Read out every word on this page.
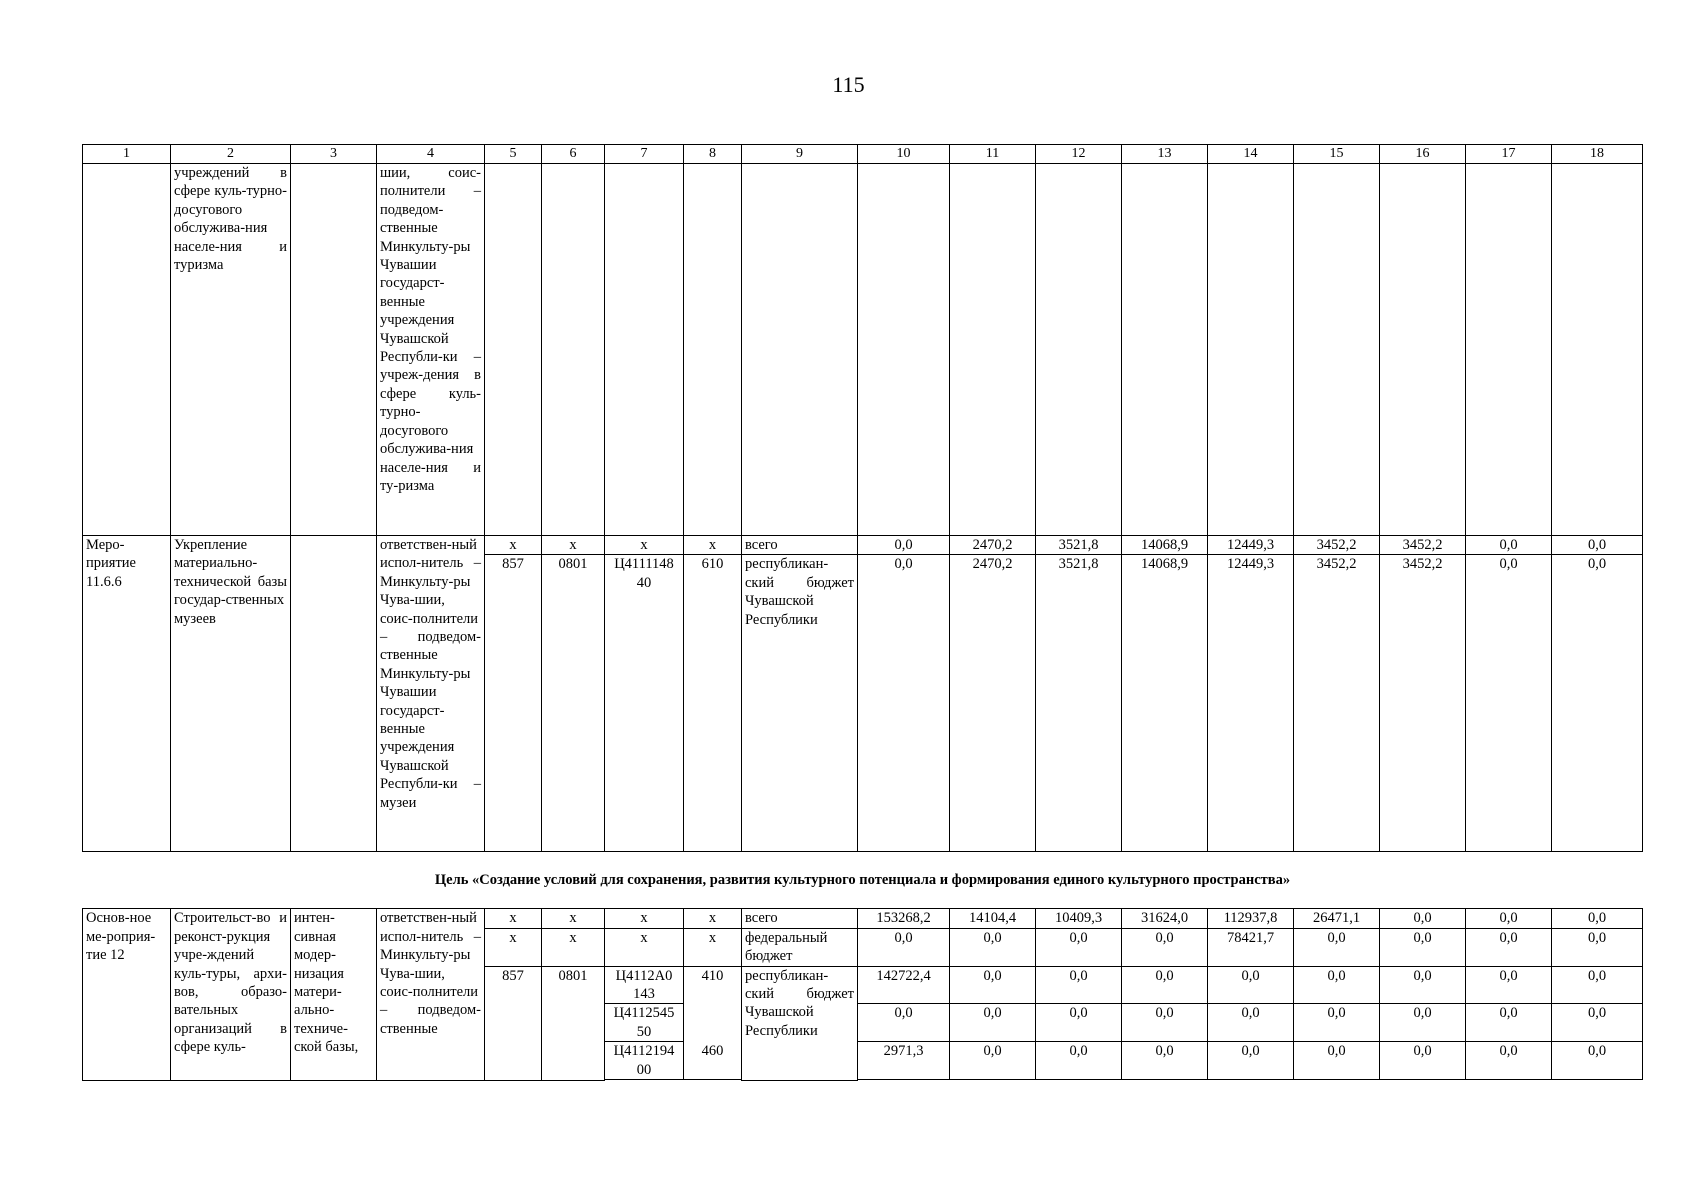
115
1	2	3	4	5	6	7	8	9	10	11	12	13	14	15	16	17	18
	учреждений в сфере куль-турно-досугового обслужива-ния населе-ния и туризма		шии, соис-полнители – подведом-ственные Минкульту-ры Чувашии государст-венные учреждения Чувашской Республи-ки – учреж-дения в сфере куль-турно-досугового обслужива-ния населе-ния и ту-ризма														
Меро-приятие 11.6.6	Укрепление материально-технической базы государ-ственных музеев		ответствен-ный испол-нитель – Минкульту-ры Чува-шии, соис-полнители – подведом-ственные Минкульту-ры Чувашии государст-венные учреждения Чувашской Республи-ки – музеи	x	x	x	x	всего	0,0	2470,2	3521,8	14068,9	12449,3	3452,2	3452,2	0,0	0,0
				857	0801	Ц4111148 40	610	республикан-ский бюджет Чувашской Республики	0,0	2470,2	3521,8	14068,9	12449,3	3452,2	3452,2	0,0	0,0
Цель «Создание условий для сохранения, развития культурного потенциала и формирования единого культурного пространства»																	
Основ-ное ме-роприя-тие 12	Строительст-во и реконст-рукция учре-ждений куль-туры, архи-вов, образо-вательных организаций в сфере куль-	интен-сивная модер-низация матери-ально-техниче-ской базы,	ответствен-ный испол-нитель – Минкульту-ры Чува-шии, соис-полнители – подведом-ственные	x	x	x	x	всего	153268,2	14104,4	10409,3	31624,0	112937,8	26471,1	0,0	0,0	0,0
				x	x	x	x	федеральный бюджет	0,0	0,0	0,0	0,0	78421,7	0,0	0,0	0,0	0,0
				857	0801	Ц4112А0 143	410	республикан-ский бюджет Чувашской Республики	142722,4	0,0	0,0	0,0	0,0	0,0	0,0	0,0	0,0
						Ц4112545 50			0,0	0,0	0,0	0,0	0,0	0,0	0,0	0,0	0,0
						Ц4112194 00	460		2971,3	0,0	0,0	0,0	0,0	0,0	0,0	0,0	0,0
